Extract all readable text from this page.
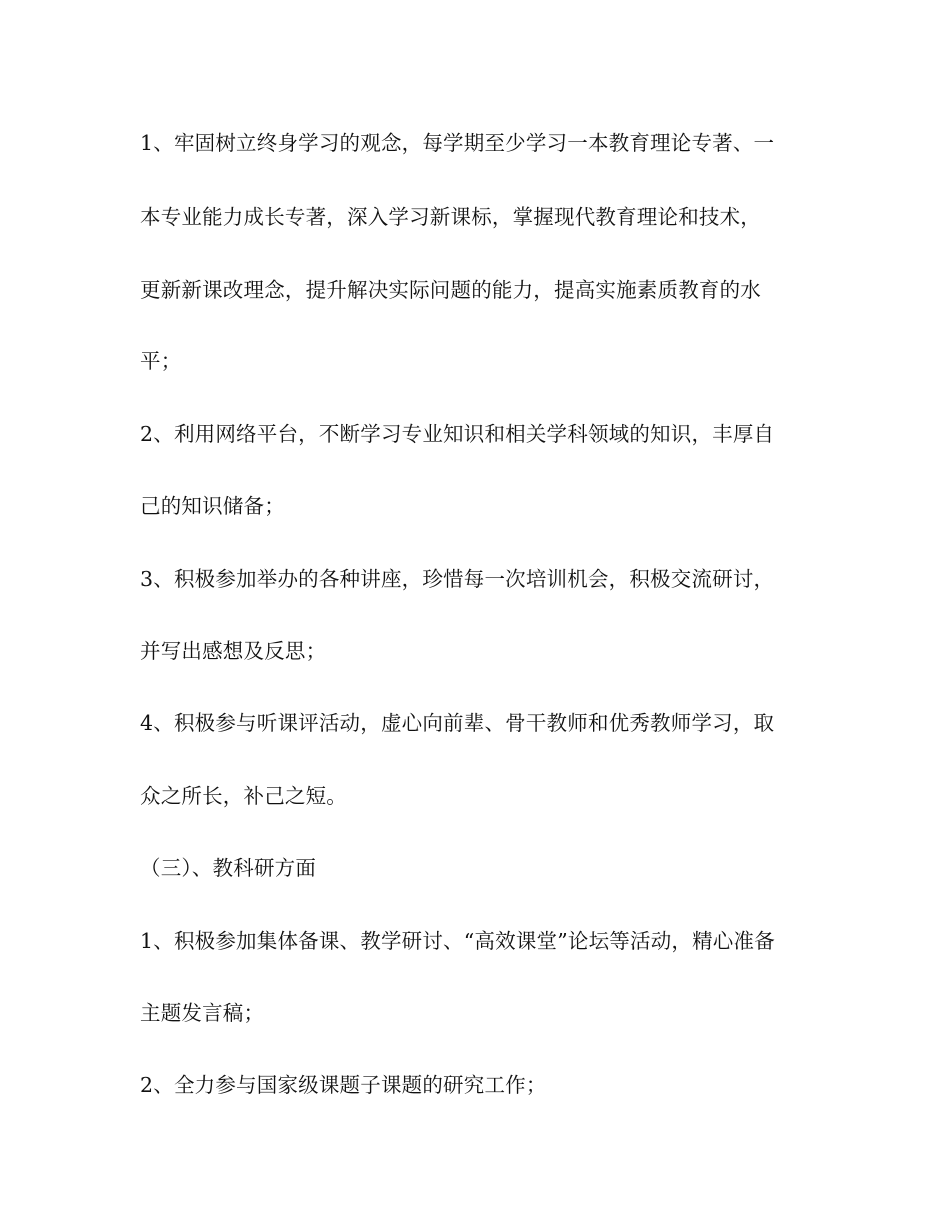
1、牢固树立终身学习的观念，每学期至少学习一本教育理论专著、一
本专业能力成长专著，深入学习新课标，掌握现代教育理论和技术，
更新新课改理念，提升解决实际问题的能力，提高实施素质教育的水
平；
2、利用网络平台，不断学习专业知识和相关学科领域的知识，丰厚自
己的知识储备；
3、积极参加举办的各种讲座，珍惜每一次培训机会，积极交流研讨，
并写出感想及反思；
4、积极参与听课评活动，虚心向前辈、骨干教师和优秀教师学习，取
众之所长，补己之短。
（三）、教科研方面
1、积极参加集体备课、教学研讨、“高效课堂”论坛等活动，精心准备
主题发言稿；
2、全力参与国家级课题子课题的研究工作；
